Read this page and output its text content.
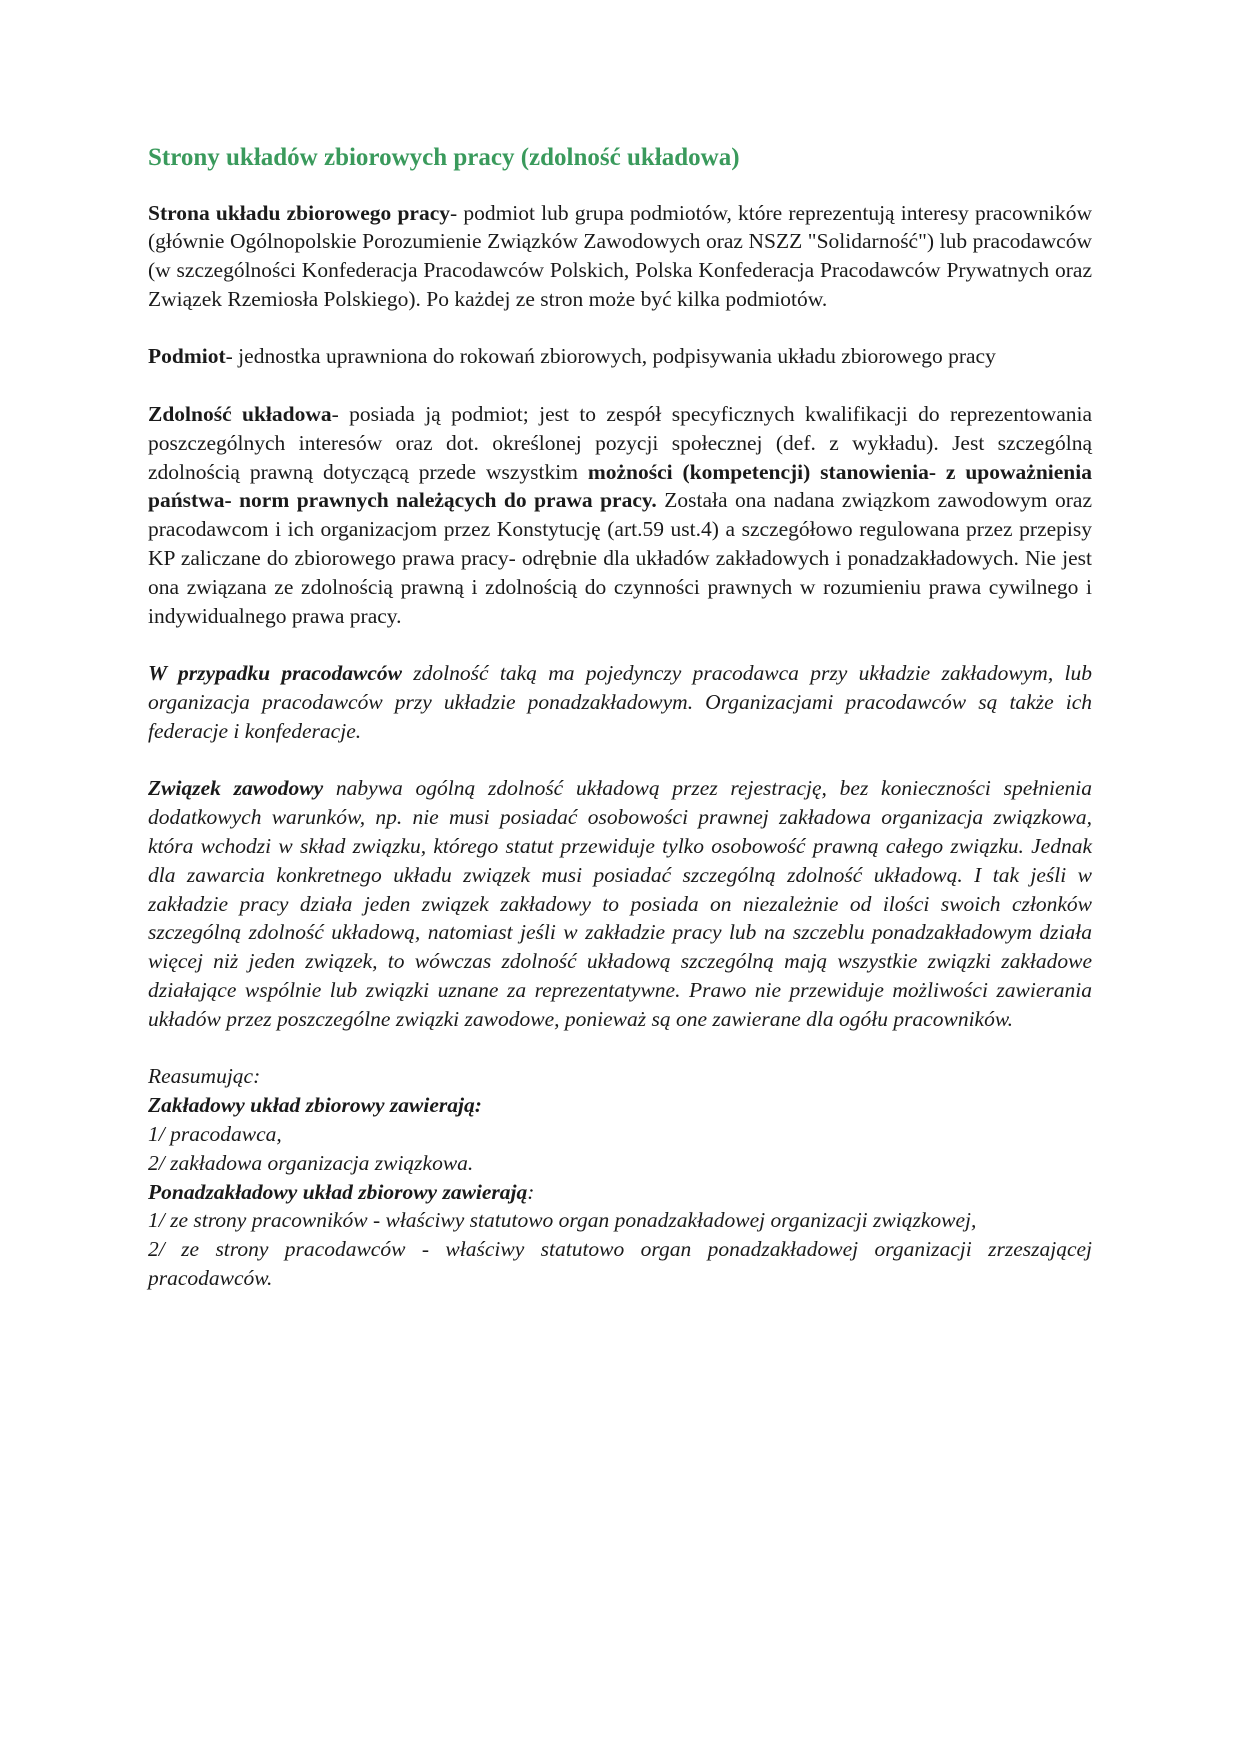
Strony układów zbiorowych pracy (zdolność układowa)

Strona układu zbiorowego pracy- podmiot lub grupa podmiotów, które reprezentują interesy pracowników (głównie Ogólnopolskie Porozumienie Związków Zawodowych oraz NSZZ "Solidarność") lub pracodawców (w szczególności Konfederacja Pracodawców Polskich, Polska Konfederacja Pracodawców Prywatnych oraz Związek Rzemiosła Polskiego). Po każdej ze stron może być kilka podmiotów.

Podmiot- jednostka uprawniona do rokowań zbiorowych, podpisywania układu zbiorowego pracy

Zdolność układowa- posiada ją podmiot; jest to zespół specyficznych kwalifikacji do reprezentowania poszczególnych interesów oraz dot. określonej pozycji społecznej (def. z wykładu). Jest szczególną zdolnością prawną dotyczącą przede wszystkim możności (kompetencji) stanowienia- z upoważnienia państwa- norm prawnych należących do prawa pracy. Została ona nadana związkom zawodowym oraz pracodawcom i ich organizacjom przez Konstytucję (art.59 ust.4) a szczegółowo regulowana przez przepisy KP zaliczane do zbiorowego prawa pracy- odrębnie dla układów zakładowych i ponadzakładowych. Nie jest ona związana ze zdolnością prawną i zdolnością do czynności prawnych w rozumieniu prawa cywilnego i indywidualnego prawa pracy.

W przypadku pracodawców zdolność taką ma pojedynczy pracodawca przy układzie zakładowym, lub organizacja pracodawców przy układzie ponadzakładowym. Organizacjami pracodawców są także ich federacje i konfederacje.

Związek zawodowy nabywa ogólną zdolność układową przez rejestrację, bez konieczności spełnienia dodatkowych warunków, np. nie musi posiadać osobowości prawnej zakładowa organizacja związkowa, która wchodzi w skład związku, którego statut przewiduje tylko osobowość prawną całego związku. Jednak dla zawarcia konkretnego układu związek musi posiadać szczególną zdolność układową. I tak jeśli w zakładzie pracy działa jeden związek zakładowy to posiada on niezależnie od ilości swoich członków szczególną zdolność układową, natomiast jeśli w zakładzie pracy lub na szczeblu ponadzakładowym działa więcej niż jeden związek, to wówczas zdolność układową szczególną mają wszystkie związki zakładowe działające wspólnie lub związki uznane za reprezentatywne. Prawo nie przewiduje możliwości zawierania układów przez poszczególne związki zawodowe, ponieważ są one zawierane dla ogółu pracowników.

Reasumując:

Zakładowy układ zbiorowy zawierają:

1/ pracodawca,

2/ zakładowa organizacja związkowa.

Ponadzakładowy układ zbiorowy zawierają:

1/ ze strony pracowników - właściwy statutowo organ ponadzakładowej organizacji związkowej,

2/ ze strony pracodawców - właściwy statutowo organ ponadzakładowej organizacji zrzeszającej pracodawców.
